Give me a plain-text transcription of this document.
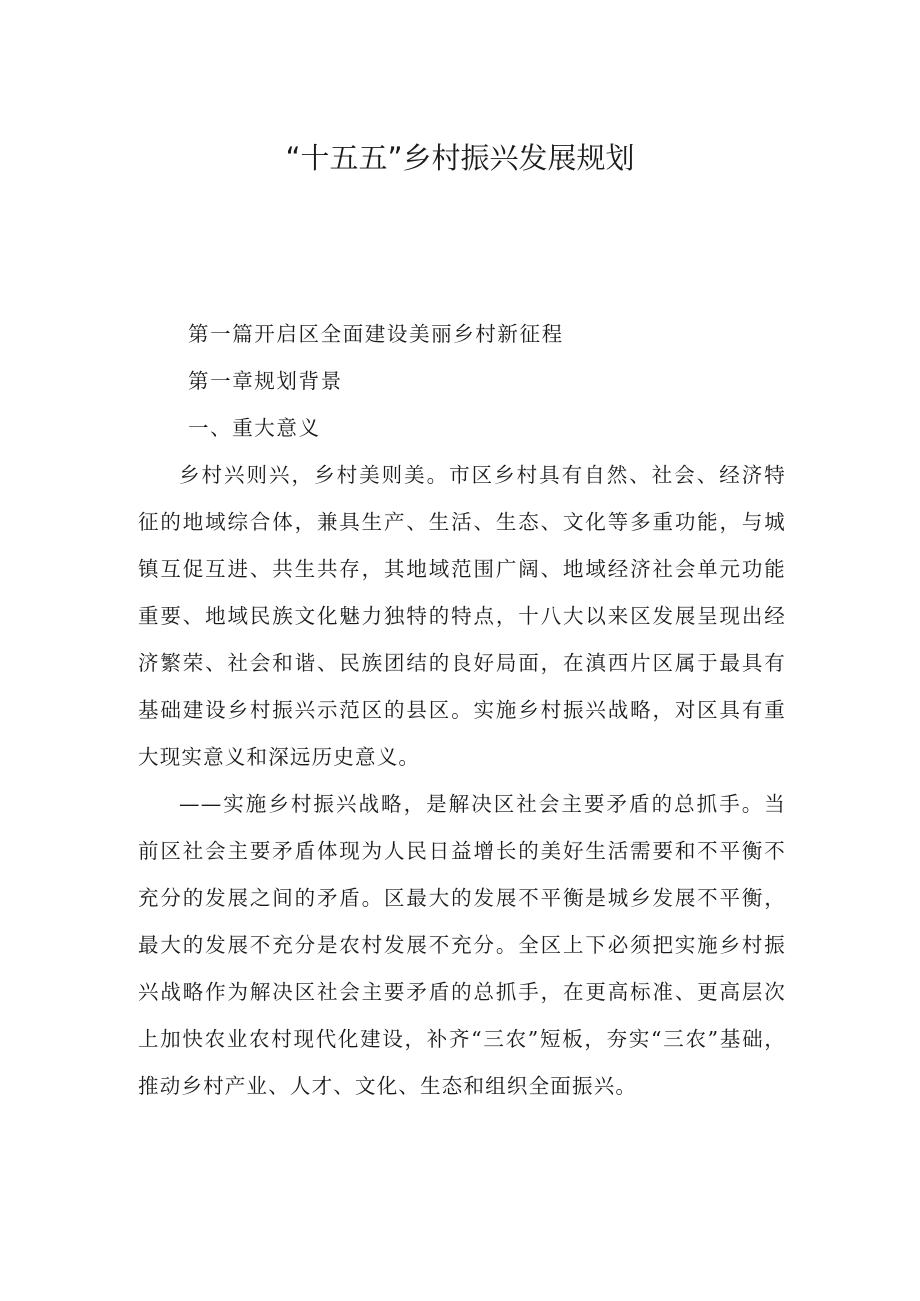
“十五五”乡村振兴发展规划

第一篇开启区全面建设美丽乡村新征程

第一章规划背景

一、重大意义

乡村兴则兴，乡村美则美。市区乡村具有自然、社会、经济特征的地域综合体，兼具生产、生活、生态、文化等多重功能，与城镇互促互进、共生共存，其地域范围广阔、地域经济社会单元功能重要、地域民族文化魅力独特的特点，十八大以来区发展呈现出经济繁荣、社会和谐、民族团结的良好局面，在滇西片区属于最具有基础建设乡村振兴示范区的县区。实施乡村振兴战略，对区具有重大现实意义和深远历史意义。

——实施乡村振兴战略，是解决区社会主要矛盾的总抓手。当前区社会主要矛盾体现为人民日益增长的美好生活需要和不平衡不充分的发展之间的矛盾。区最大的发展不平衡是城乡发展不平衡，最大的发展不充分是农村发展不充分。全区上下必须把实施乡村振兴战略作为解决区社会主要矛盾的总抓手，在更高标准、更高层次上加快农业农村现代化建设，补齐“三农”短板，夯实“三农”基础，推动乡村产业、人才、文化、生态和组织全面振兴。
